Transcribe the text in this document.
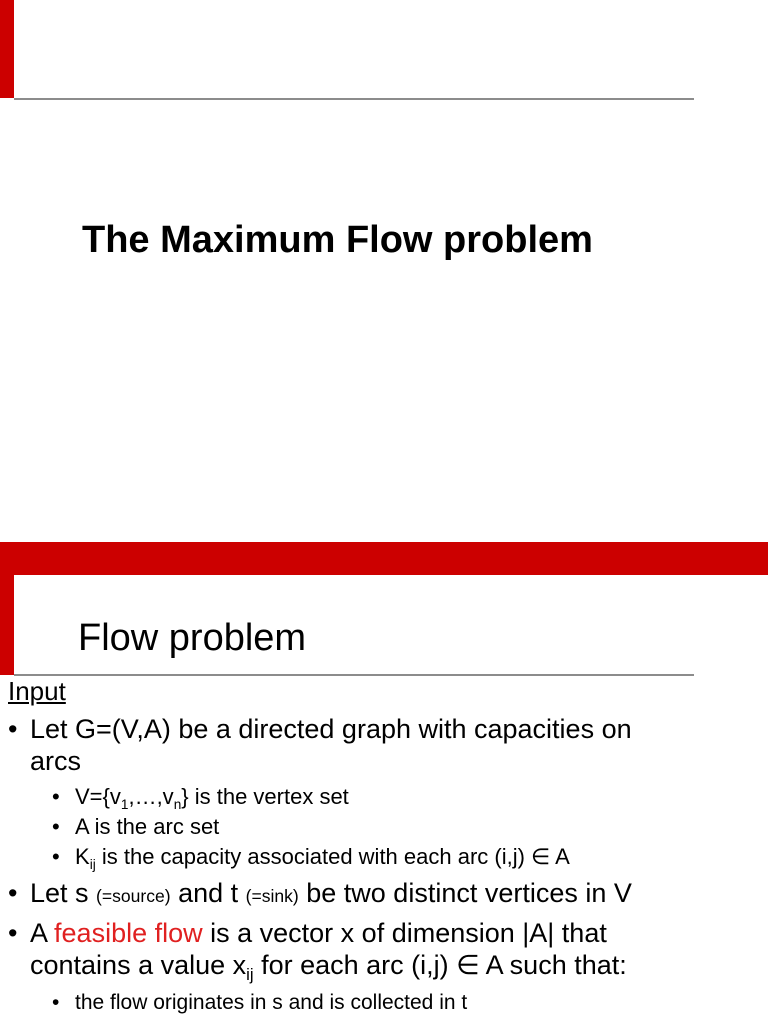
The Maximum Flow problem
Flow problem
Input
• Let G=(V,A) be a directed graph with capacities on
arcs
• $V=\{v_1,\dots,v_n\}$ is the vertex set
• A is the arc set
• $K_{ij}$ is the capacity associated with each arc (i,j) ∈ A
• Let s (=source) and t (=sink) be two distinct vertices in V
• A feasible flow is a vector x of dimension |A| that
contains a value $x_{ij}$ for each arc (i,j) ∈ A such that:
• the flow originates in s and is collected in t
